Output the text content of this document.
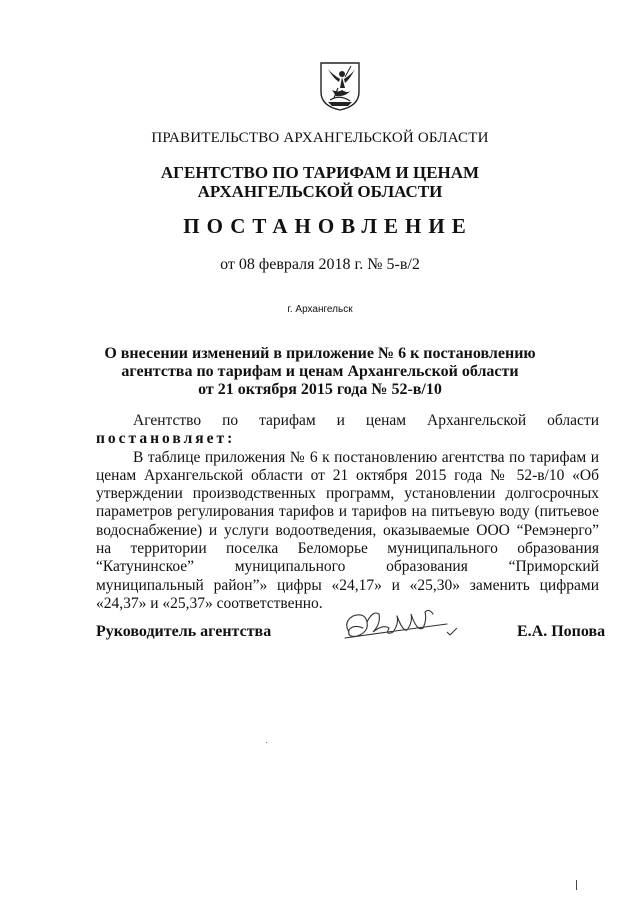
ПРАВИТЕЛЬСТВО АРХАНГЕЛЬСКОЙ ОБЛАСТИ
АГЕНТСТВО ПО ТАРИФАМ И ЦЕНАМ
АРХАНГЕЛЬСКОЙ ОБЛАСТИ
ПОСТАНОВЛЕНИЕ
от 08 февраля 2018 г. № 5-в/2
г. Архангельск
О внесении изменений в приложение № 6 к постановлению
агентства по тарифам и ценам Архангельской области
от 21 октября 2015 года № 52-в/10

Агентство по тарифам и ценам Архангельской области

постановляет:

В таблице приложения № 6 к постановлению агентства по тарифам и ценам Архангельской области от 21 октября 2015 года № 52-в/10 «Об утверждении производственных программ, установлении долгосрочных параметров регулирования тарифов и тарифов на питьевую воду (питьевое водоснабжение) и услуги водоотведения, оказываемые ООО “Ремэнерго” на территории поселка Беломорье муниципального образования “Катунинское” муниципального образования “Приморский муниципальный район”» цифры «24,17» и «25,30» заменить цифрами «24,37» и «25,37» соответственно.

Руководитель агентства	Е.А. Попова
